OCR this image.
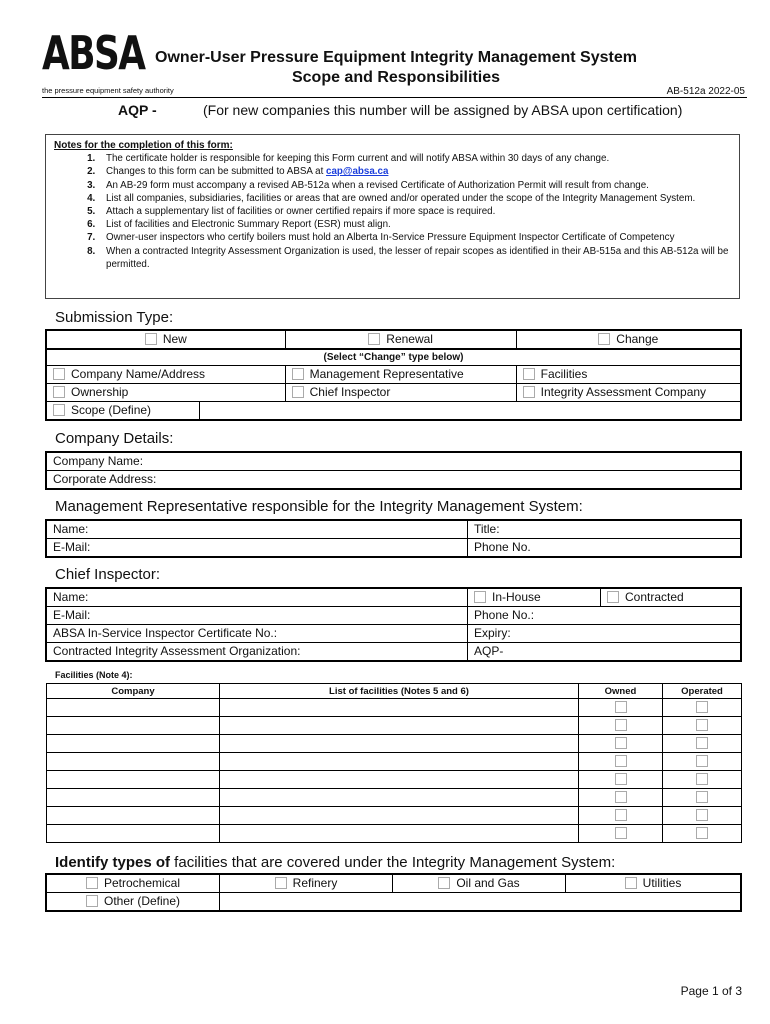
ABSA
the pressure equipment safety authority
Owner-User Pressure Equipment Integrity Management System
Scope and Responsibilities
AB-512a 2022-05
AQP -	(For new companies this number will be assigned by ABSA upon certification)
Notes for the completion of this form:
1. The certificate holder is responsible for keeping this Form current and will notify ABSA within 30 days of any change.
2. Changes to this form can be submitted to ABSA at cap@absa.ca
3. An AB-29 form must accompany a revised AB-512a when a revised Certificate of Authorization Permit will result from change.
4. List all companies, subsidiaries, facilities or areas that are owned and/or operated under the scope of the Integrity Management System.
5. Attach a supplementary list of facilities or owner certified repairs if more space is required.
6. List of facilities and Electronic Summary Report (ESR) must align.
7. Owner-user inspectors who certify boilers must hold an Alberta In-Service Pressure Equipment Inspector Certificate of Competency
8. When a contracted Integrity Assessment Organization is used, the lesser of repair scopes as identified in their AB-515a and this AB-512a will be permitted.
Submission Type:
New		Renewal	Change
(Select “Change” type below)			
Company Name/Address		Management Representative	Facilities
Ownership		Chief Inspector	Integrity Assessment Company
Scope (Define)			
Company Details:
Company Name:
Corporate Address:
Management Representative responsible for the Integrity Management System:
Name:	Title:
E-Mail:	Phone No.
Chief Inspector:
Name:	In-House	Contracted
E-Mail:	Phone No.:	
ABSA In-Service Inspector Certificate No.:	Expiry:	
Contracted Integrity Assessment Organization:	AQP-	
Facilities (Note 4):
Company	List of facilities (Notes 5 and 6)	Owned	Operated

Identify types of facilities that are covered under the Integrity Management System:
Petrochemical	Refinery	Oil and Gas	Utilities
Other (Define)			
Page 1 of 3
